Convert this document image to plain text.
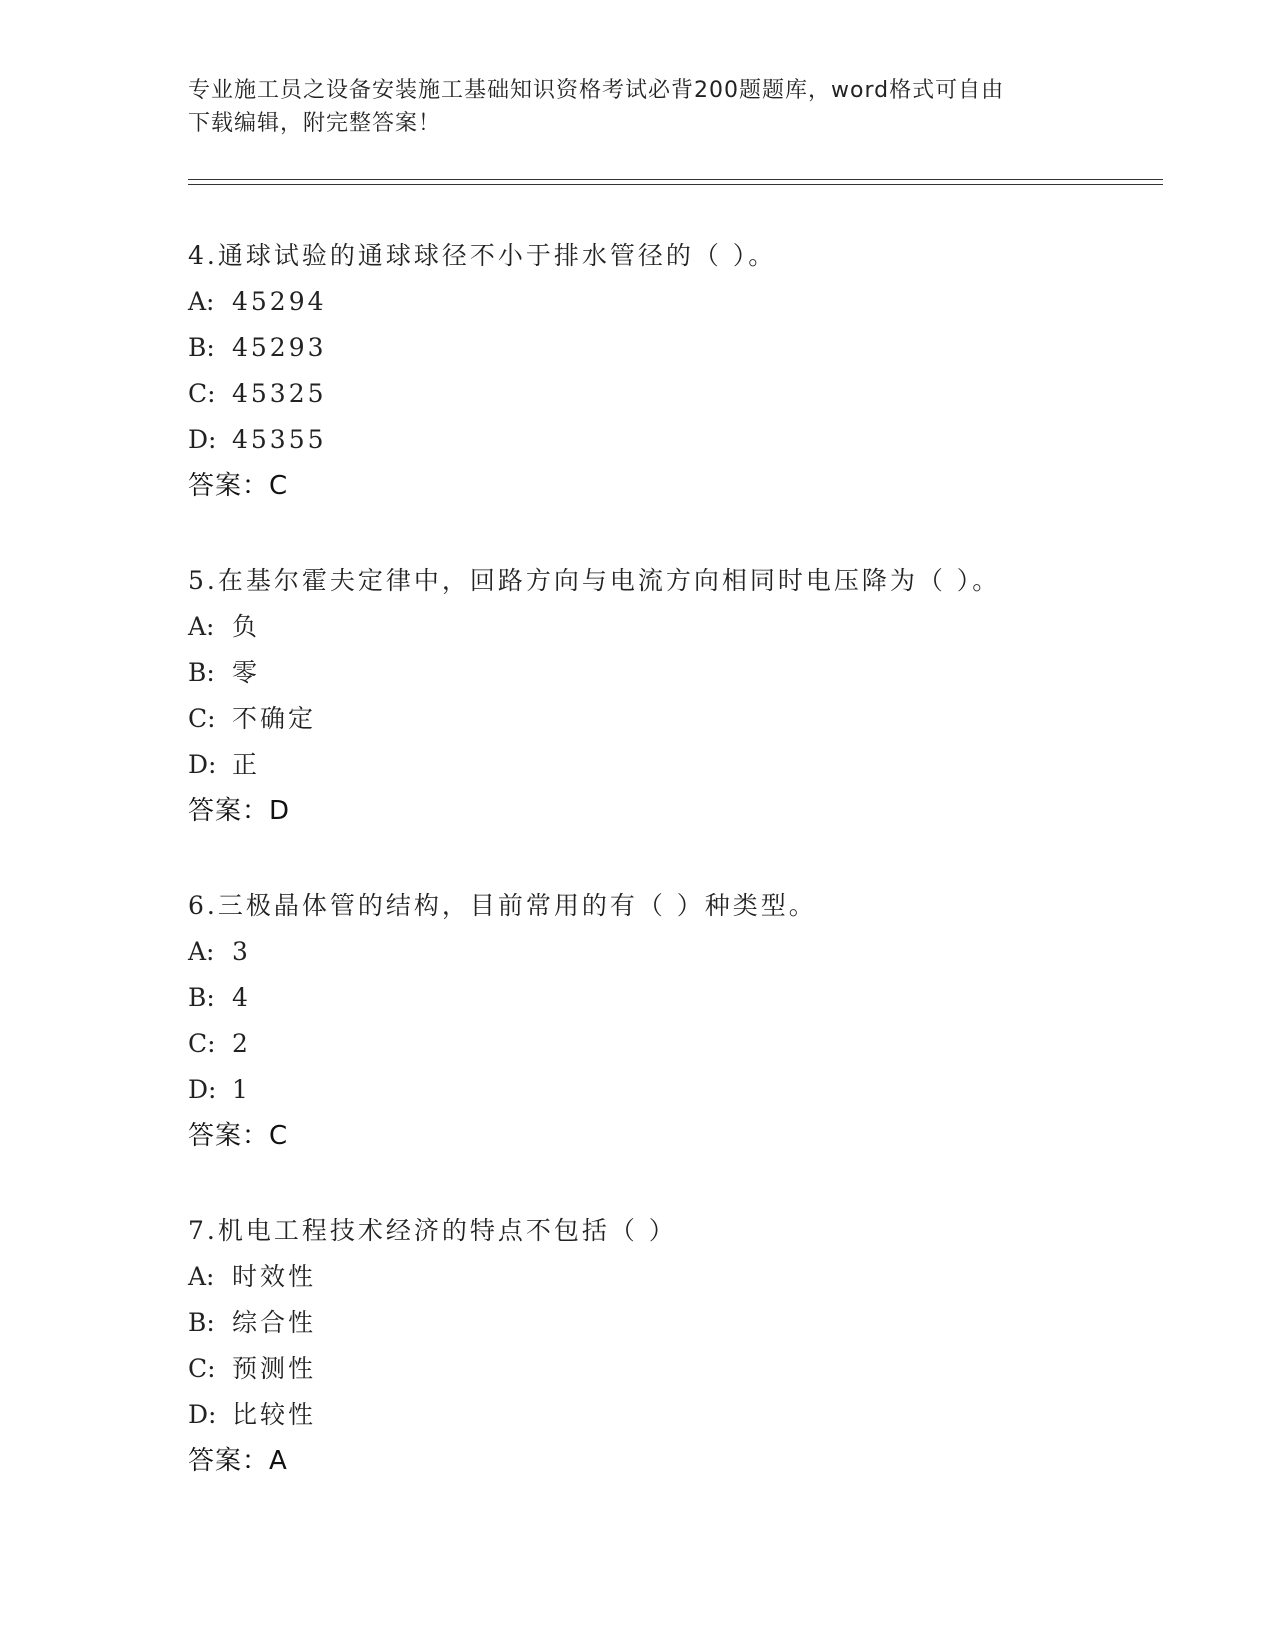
专业施工员之设备安装施工基础知识资格考试必背200题题库，word格式可自由
下载编辑，附完整答案！
4.通球试验的通球球径不小于排水管径的（ ）。
A: 45294
B: 45293
C: 45325
D: 45355
答案：C
5.在基尔霍夫定律中，回路方向与电流方向相同时电压降为（ ）。
A: 负
B: 零
C: 不确定
D: 正
答案：D
6.三极晶体管的结构，目前常用的有（ ）种类型。
A: 3
B: 4
C: 2
D: 1
答案：C
7.机电工程技术经济的特点不包括（ ）
A: 时效性
B: 综合性
C: 预测性
D: 比较性
答案：A
